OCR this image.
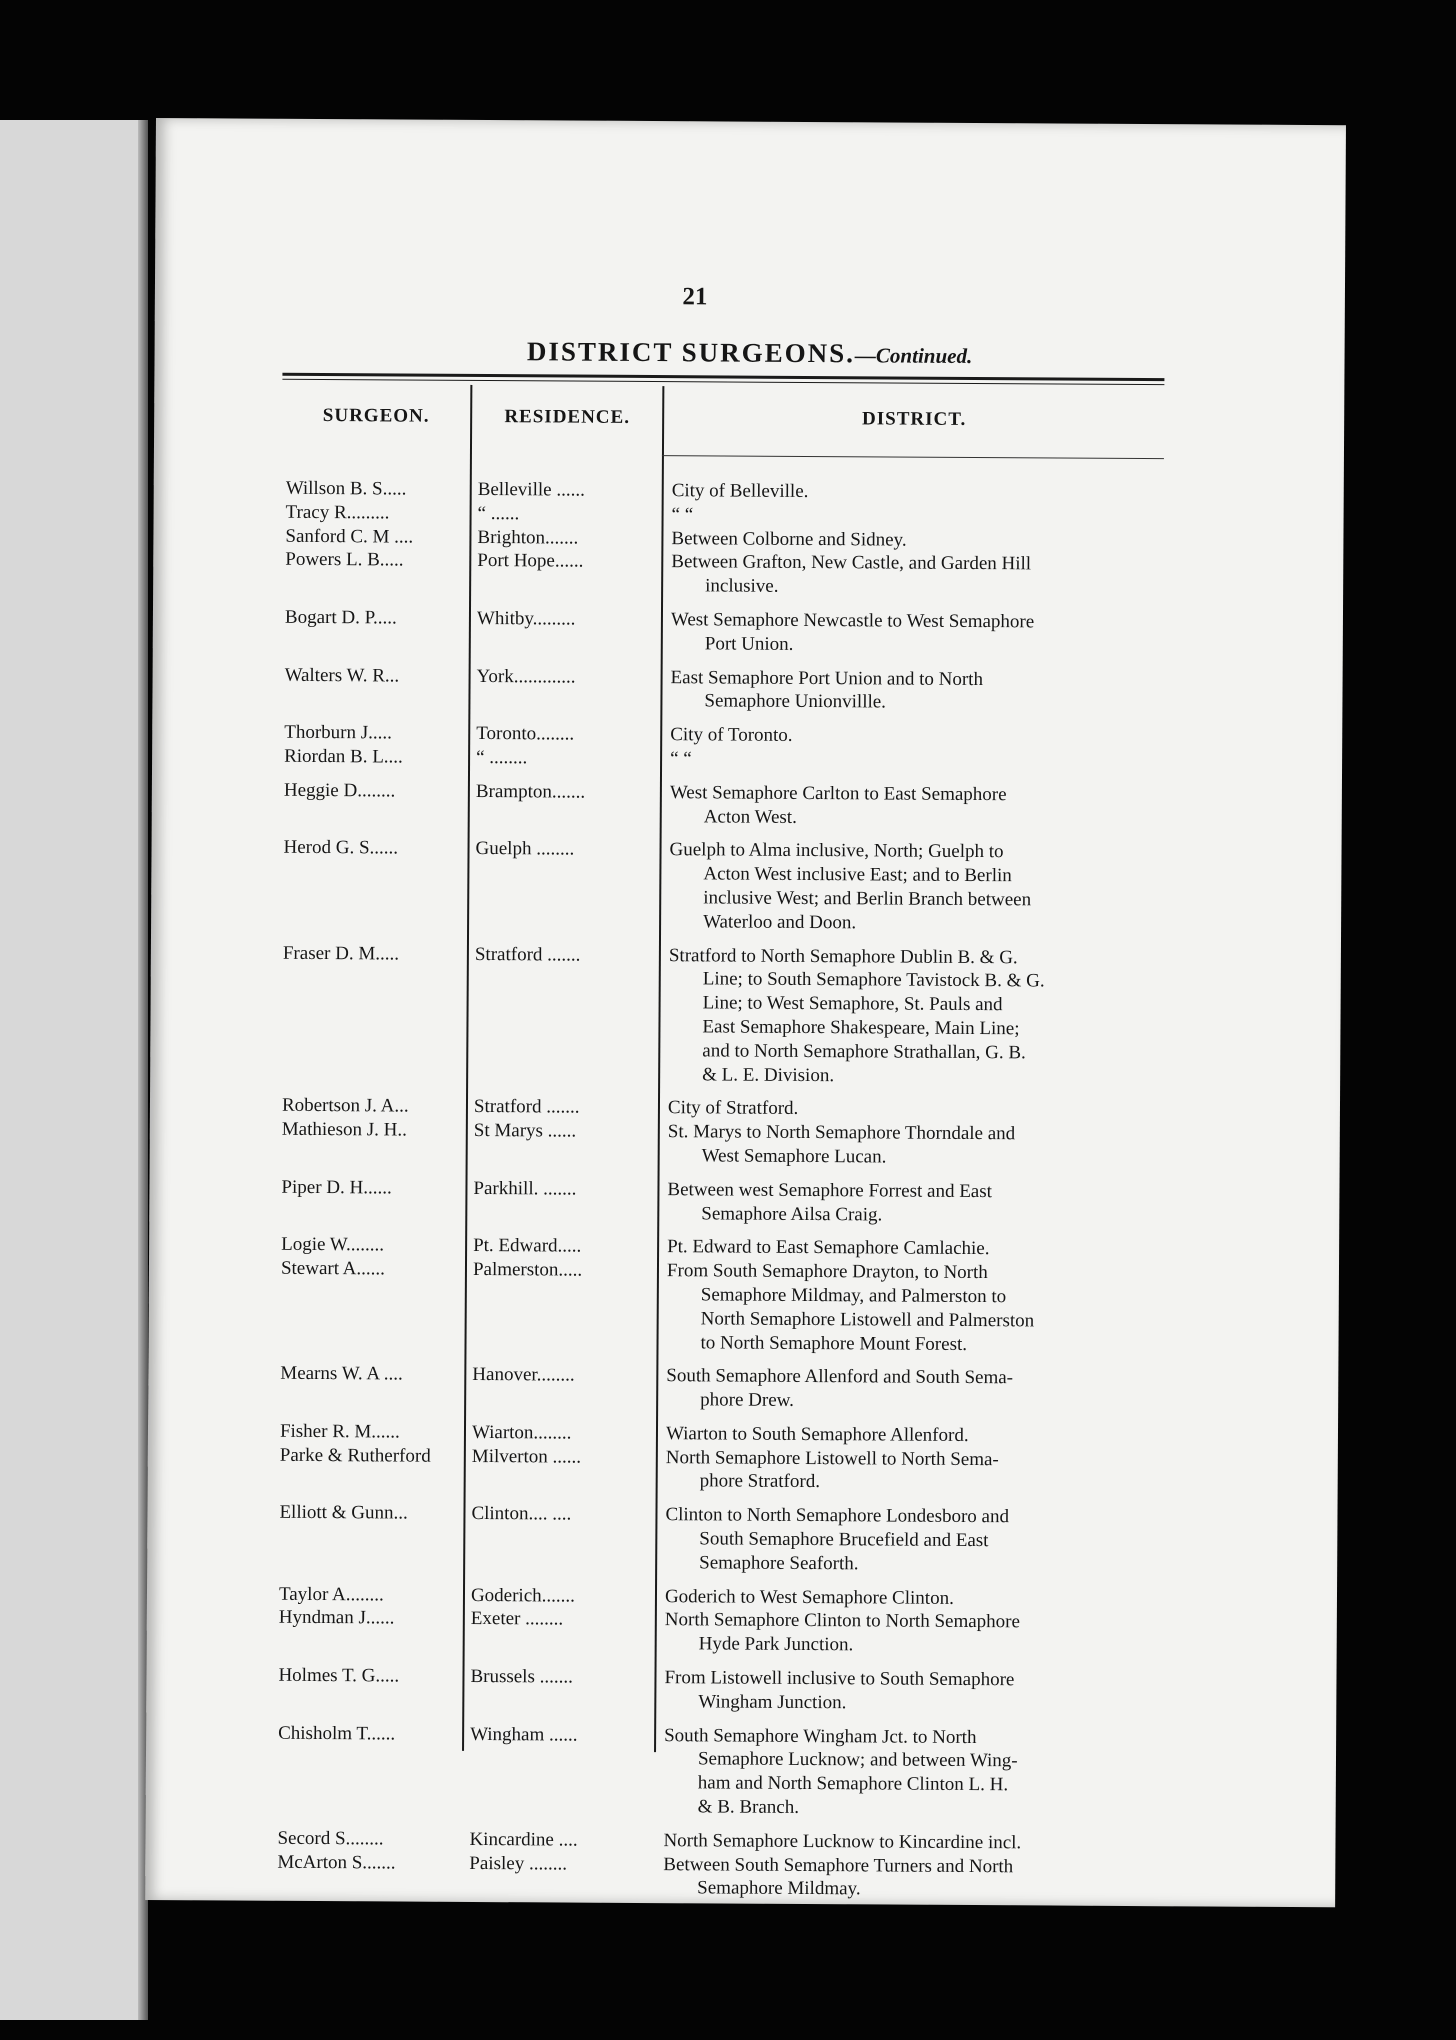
21
DISTRICT SURGEONS.—Continued.
SURGEON.	RESIDENCE.	DISTRICT.
Willson B. S.....	Belleville ......	City of Belleville.
Tracy R.........	“ ......	“ “
Sanford C. M ....	Brighton.......	Between Colborne and Sidney.
Powers L. B.....	Port Hope......	Between Grafton, New Castle, and Garden Hill
inclusive.
Bogart D. P.....	Whitby.........	West Semaphore Newcastle to West Semaphore
Port Union.
Walters W. R...	York.............	East Semaphore Port Union and to North
Semaphore Unionvillle.
Thorburn J.....	Toronto........	City of Toronto.
Riordan B. L....	“ ........	“ “
Heggie D........	Brampton.......	West Semaphore Carlton to East Semaphore
Acton West.
Herod G. S......	Guelph ........	Guelph to Alma inclusive, North; Guelph to
Acton West inclusive East; and to Berlin
inclusive West; and Berlin Branch between
Waterloo and Doon.
Fraser D. M.....	Stratford .......	Stratford to North Semaphore Dublin B. & G.
Line; to South Semaphore Tavistock B. & G.
Line; to West Semaphore, St. Pauls and
East Semaphore Shakespeare, Main Line;
and to North Semaphore Strathallan, G. B.
& L. E. Division.
Robertson J. A...	Stratford .......	City of Stratford.
Mathieson J. H..	St Marys ......	St. Marys to North Semaphore Thorndale and
West Semaphore Lucan.
Piper D. H......	Parkhill. .......	Between west Semaphore Forrest and East
Semaphore Ailsa Craig.
Logie W........	Pt. Edward.....	Pt. Edward to East Semaphore Camlachie.
Stewart A......	Palmerston.....	From South Semaphore Drayton, to North
Semaphore Mildmay, and Palmerston to
North Semaphore Listowell and Palmerston
to North Semaphore Mount Forest.
Mearns W. A ....	Hanover........	South Semaphore Allenford and South Sema-
phore Drew.
Fisher R. M......	Wiarton........	Wiarton to South Semaphore Allenford.
Parke & Rutherford	Milverton ......	North Semaphore Listowell to North Sema-
phore Stratford.
Elliott & Gunn...	Clinton.... ....	Clinton to North Semaphore Londesboro and
South Semaphore Brucefield and East
Semaphore Seaforth.
Taylor A........	Goderich.......	Goderich to West Semaphore Clinton.
Hyndman J......	Exeter ........	North Semaphore Clinton to North Semaphore
Hyde Park Junction.
Holmes T. G.....	Brussels .......	From Listowell inclusive to South Semaphore
Wingham Junction.
Chisholm T......	Wingham ......	South Semaphore Wingham Jct. to North
Semaphore Lucknow; and between Wing-
ham and North Semaphore Clinton L. H.
& B. Branch.
Secord S........	Kincardine ....	North Semaphore Lucknow to Kincardine incl.
McArton S.......	Paisley ........	Between South Semaphore Turners and North
Semaphore Mildmay.
